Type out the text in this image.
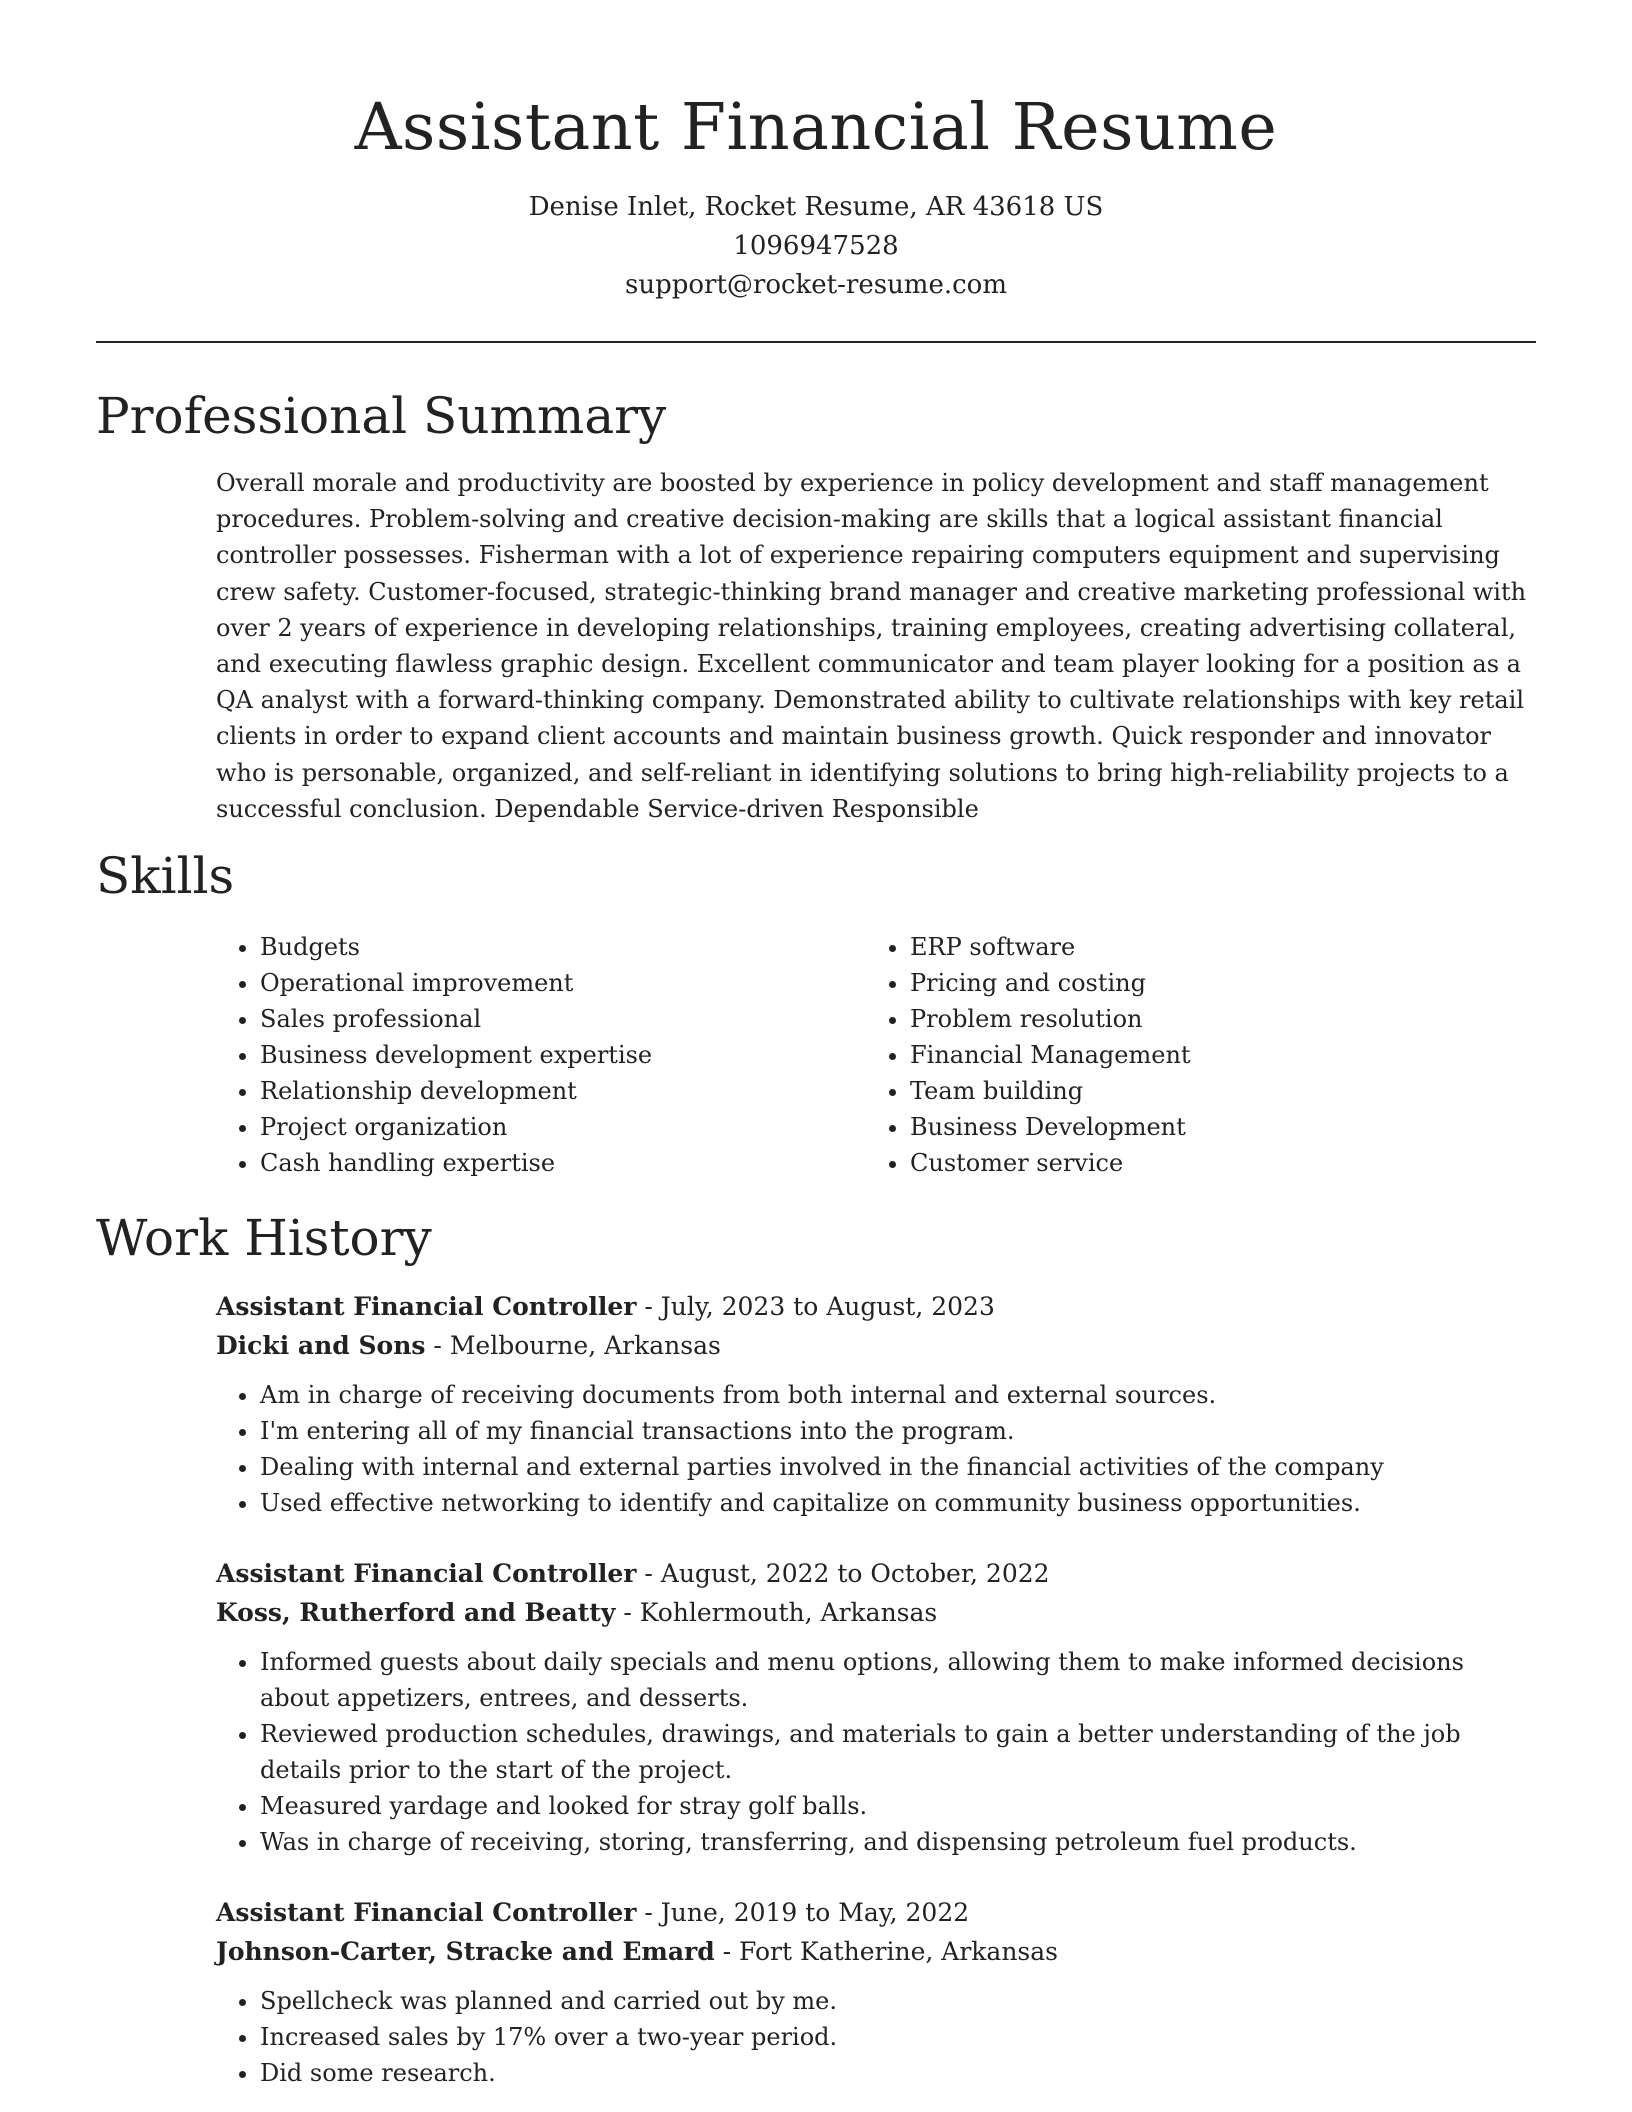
Assistant Financial Resume
Denise Inlet, Rocket Resume, AR 43618 US
1096947528
support@rocket-resume.com
Professional Summary

Overall morale and productivity are boosted by experience in policy development and staff management procedures. Problem-solving and creative decision-making are skills that a logical assistant financial controller possesses. Fisherman with a lot of experience repairing computers equipment and supervising crew safety. Customer-focused, strategic-thinking brand manager and creative marketing professional with over 2 years of experience in developing relationships, training employees, creating advertising collateral, and executing flawless graphic design. Excellent communicator and team player looking for a position as a QA analyst with a forward-thinking company. Demonstrated ability to cultivate relationships with key retail clients in order to expand client accounts and maintain business growth. Quick responder and innovator who is personable, organized, and self-reliant in identifying solutions to bring high-reliability projects to a successful conclusion. Dependable Service-driven Responsible

Skills
• Budgets
• Operational improvement
• Sales professional
• Business development expertise
• Relationship development
• Project organization
• Cash handling expertise
• ERP software
• Pricing and costing
• Problem resolution
• Financial Management
• Team building
• Business Development
• Customer service
Work History
Assistant Financial Controller - July, 2023 to August, 2023
Dicki and Sons - Melbourne, Arkansas
• Am in charge of receiving documents from both internal and external sources.
• I'm entering all of my financial transactions into the program.
• Dealing with internal and external parties involved in the financial activities of the company
• Used effective networking to identify and capitalize on community business opportunities.
Assistant Financial Controller - August, 2022 to October, 2022
Koss, Rutherford and Beatty - Kohlermouth, Arkansas
• Informed guests about daily specials and menu options, allowing them to make informed decisions about appetizers, entrees, and desserts.
• Reviewed production schedules, drawings, and materials to gain a better understanding of the job details prior to the start of the project.
• Measured yardage and looked for stray golf balls.
• Was in charge of receiving, storing, transferring, and dispensing petroleum fuel products.
Assistant Financial Controller - June, 2019 to May, 2022
Johnson-Carter, Stracke and Emard - Fort Katherine, Arkansas
• Spellcheck was planned and carried out by me.
• Increased sales by 17% over a two-year period.
• Did some research.
